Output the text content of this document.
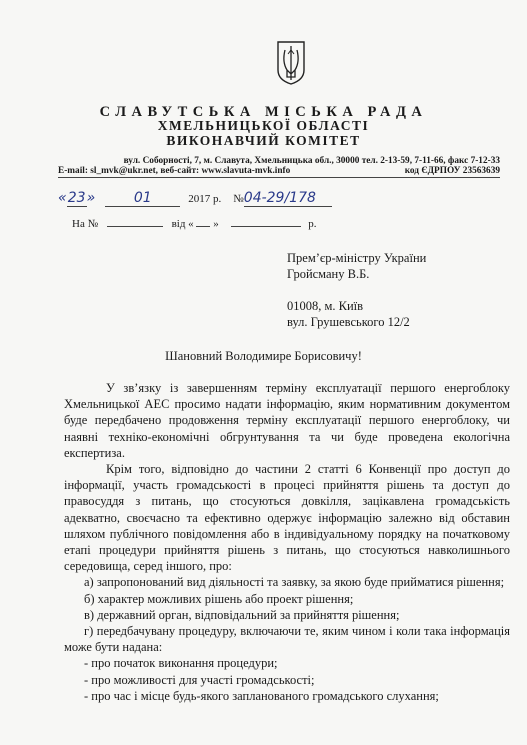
СЛАВУТСЬКА МІСЬКА РАДА
ХМЕЛЬНИЦЬКОЇ ОБЛАСТІ
ВИКОНАВЧИЙ КОМІТЕТ
вул. Соборності, 7, м. Славута, Хмельницька обл., 30000 тел. 2-13-59, 7-11-66, факс 7-12-33
E-mail: sl_mvk@ukr.net, веб-сайт: www.slavuta-mvk.info	код ЄДРПОУ 23563639
«23»	01	2017 р. №04-29/178
На №	від « »	р.
Прем’єр-міністру України
Гройсману В.Б.
01008, м. Київ
вул. Грушевського 12/2
Шановний Володимире Борисовичу!

У зв’язку із завершенням терміну експлуатації першого енергоблоку Хмельницької АЕС просимо надати інформацію, яким нормативним документом буде передбачено продовження терміну експлуатації першого енергоблоку, чи наявні техніко-економічні обгрунтування та чи буде проведена екологічна експертиза.

Крім того, відповідно до частини 2 статті 6 Конвенції про доступ до інформації, участь громадськості в процесі прийняття рішень та доступ до правосуддя з питань, що стосуються довкілля, зацікавлена громадськість адекватно, своєчасно та ефективно одержує інформацію залежно від обставин шляхом публічного повідомлення або в індивідуальному порядку на початковому етапі процедури прийняття рішень з питань, що стосуються навколишнього середовища, серед іншого, про:

а) запропонований вид діяльності та заявку, за якою буде прийматися рішення;

б) характер можливих рішень або проект рішення;

в) державний орган, відповідальний за прийняття рішення;

г) передбачувану процедуру, включаючи те, яким чином і коли така інформація може бути надана:

- про початок виконання процедури;

- про можливості для участі громадськості;

- про час і місце будь-якого запланованого громадського слухання;
